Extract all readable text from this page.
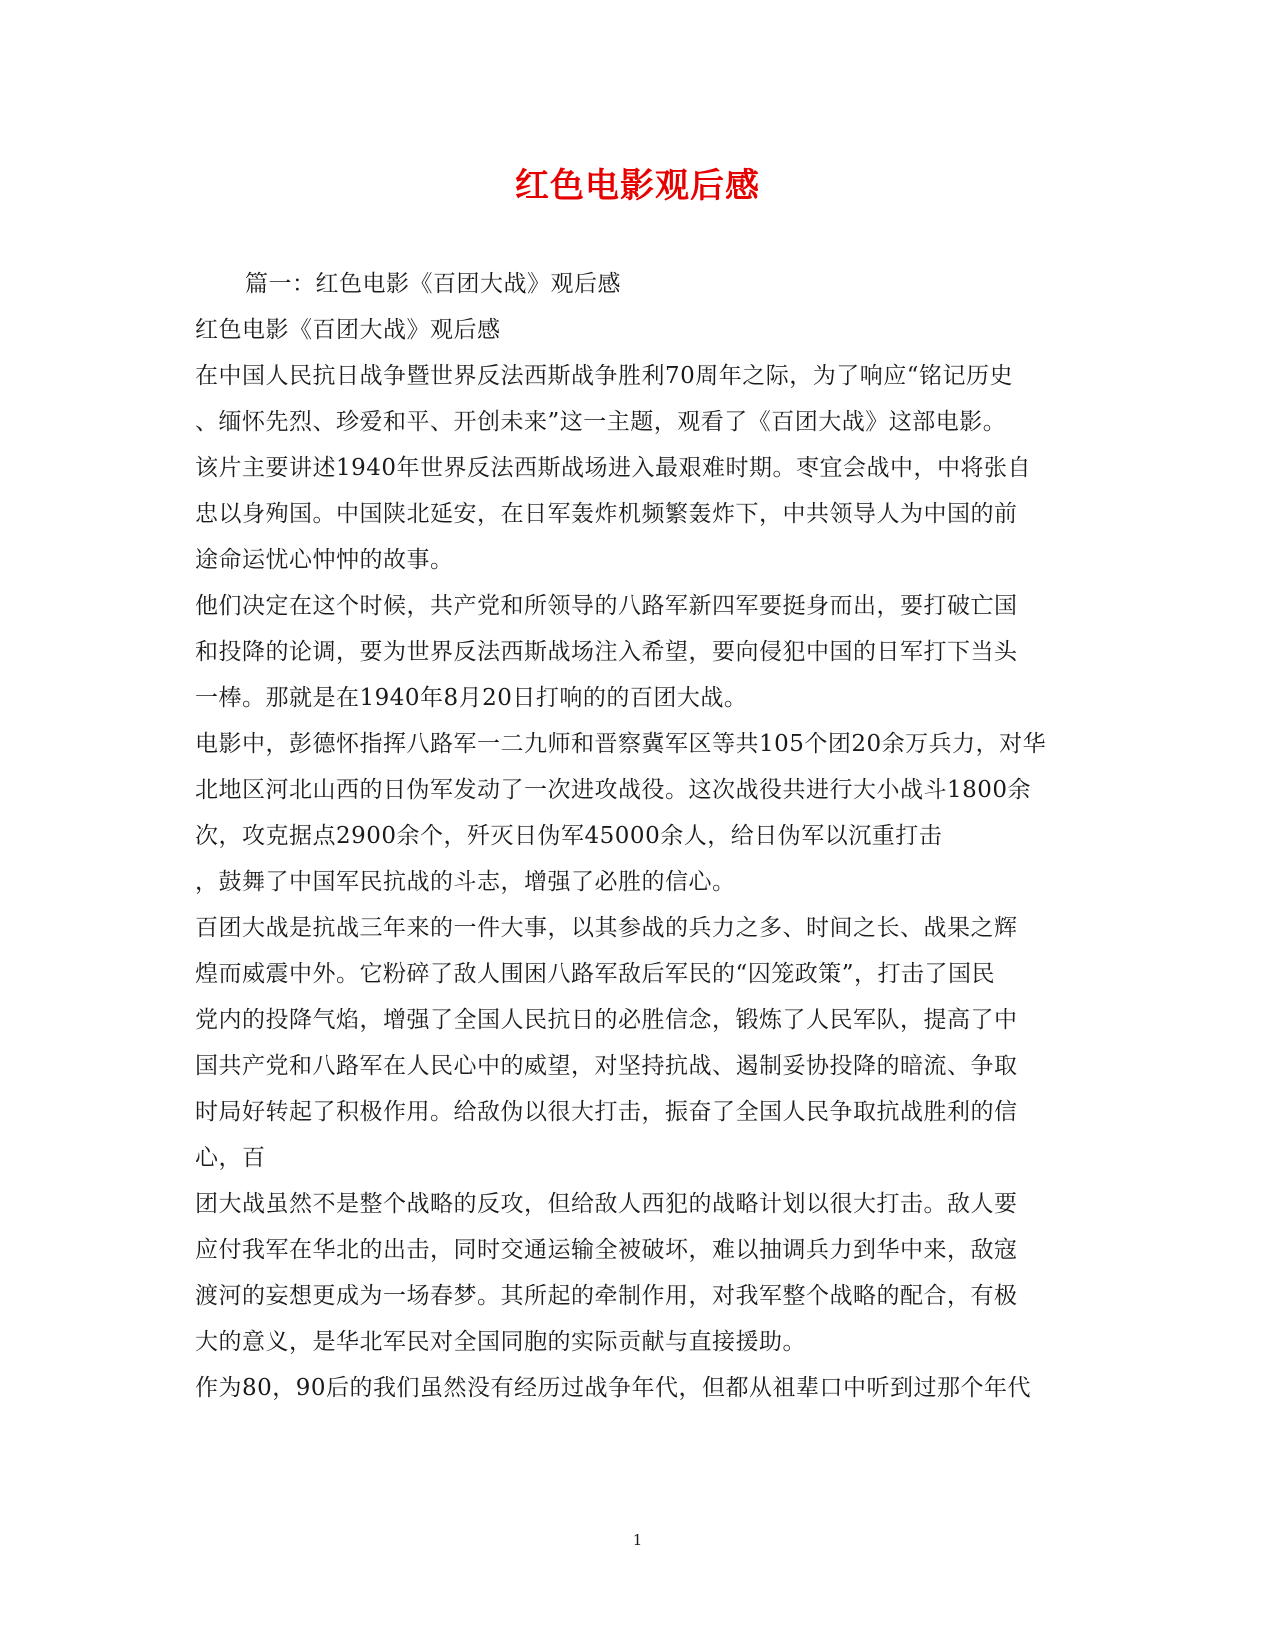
红色电影观后感
篇一：红色电影《百团大战》观后感
红色电影《百团大战》观后感
在中国人民抗日战争暨世界反法西斯战争胜利70周年之际，为了响应“铭记历史
、缅怀先烈、珍爱和平、开创未来”这一主题，观看了《百团大战》这部电影。
该片主要讲述1940年世界反法西斯战场进入最艰难时期。枣宜会战中，中将张自
忠以身殉国。中国陕北延安，在日军轰炸机频繁轰炸下，中共领导人为中国的前
途命运忧心忡忡的故事。
他们决定在这个时候，共产党和所领导的八路军新四军要挺身而出，要打破亡国
和投降的论调，要为世界反法西斯战场注入希望，要向侵犯中国的日军打下当头
一棒。那就是在1940年8月20日打响的的百团大战。
电影中，彭德怀指挥八路军一二九师和晋察冀军区等共105个团20余万兵力，对华
北地区河北山西的日伪军发动了一次进攻战役。这次战役共进行大小战斗1800余
次，攻克据点2900余个，歼灭日伪军45000余人，给日伪军以沉重打击
，鼓舞了中国军民抗战的斗志，增强了必胜的信心。
百团大战是抗战三年来的一件大事，以其参战的兵力之多、时间之长、战果之辉
煌而威震中外。它粉碎了敌人围困八路军敌后军民的“囚笼政策”，打击了国民
党内的投降气焰，增强了全国人民抗日的必胜信念，锻炼了人民军队，提高了中
国共产党和八路军在人民心中的威望，对坚持抗战、遏制妥协投降的暗流、争取
时局好转起了积极作用。给敌伪以很大打击，振奋了全国人民争取抗战胜利的信
心，百
团大战虽然不是整个战略的反攻，但给敌人西犯的战略计划以很大打击。敌人要
应付我军在华北的出击，同时交通运输全被破坏，难以抽调兵力到华中来，敌寇
渡河的妄想更成为一场春梦。其所起的牵制作用，对我军整个战略的配合，有极
大的意义，是华北军民对全国同胞的实际贡献与直接援助。
作为80，90后的我们虽然没有经历过战争年代，但都从祖辈口中听到过那个年代
1
